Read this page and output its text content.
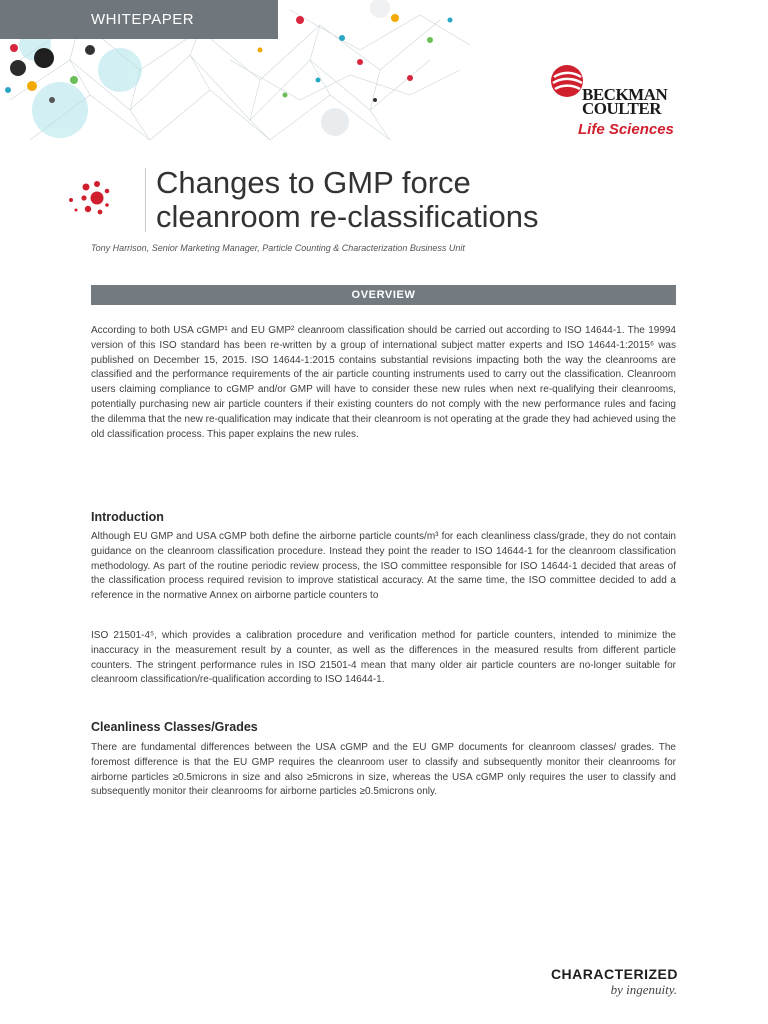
WHITEPAPER
BECKMAN
COULTER
Life Sciences
Changes to GMP force
cleanroom re-classifications
Tony Harrison, Senior Marketing Manager, Particle Counting & Characterization Business Unit
OVERVIEW

According to both USA cGMP¹ and EU GMP² cleanroom classification should be carried out according to ISO 14644-1. The 19994 version of this ISO standard has been re-written by a group of international subject matter experts and ISO 14644-1:2015⁶ was published on December 15, 2015. ISO 14644-1:2015 contains substantial revisions impacting both the way the cleanrooms are classified and the performance requirements of the air particle counting instruments used to carry out the classification. Cleanroom users claiming compliance to cGMP and/or GMP will have to consider these new rules when next re-qualifying their cleanrooms, potentially purchasing new air particle counters if their existing counters do not comply with the new performance rules and facing the dilemma that the new re-qualification may indicate that their cleanroom is not operating at the grade they had achieved using the old classification process. This paper explains the new rules.

Introduction

Although EU GMP and USA cGMP both define the airborne particle counts/m³ for each cleanliness class/grade, they do not contain guidance on the cleanroom classification procedure. Instead they point the reader to ISO 14644-1 for the cleanroom classification methodology. As part of the routine periodic review process, the ISO committee responsible for ISO 14644-1 decided that areas of the classification process required revision to improve statistical accuracy. At the same time, the ISO committee decided to add a reference in the normative Annex on airborne particle counters to

ISO 21501-4⁵, which provides a calibration procedure and verification method for particle counters, intended to minimize the inaccuracy in the measurement result by a counter, as well as the differences in the measured results from different particle counters. The stringent performance rules in ISO 21501-4 mean that many older air particle counters are no-longer suitable for cleanroom classification/re-qualification according to ISO 14644-1.

Cleanliness Classes/Grades

There are fundamental differences between the USA cGMP and the EU GMP documents for cleanroom classes/ grades. The foremost difference is that the EU GMP requires the cleanroom user to classify and subsequently monitor their cleanrooms for airborne particles ≥0.5microns in size and also ≥5microns in size, whereas the USA cGMP only requires the user to classify and subsequently monitor their cleanrooms for airborne particles ≥0.5microns only.

CHARACTERIZED
by ingenuity.
